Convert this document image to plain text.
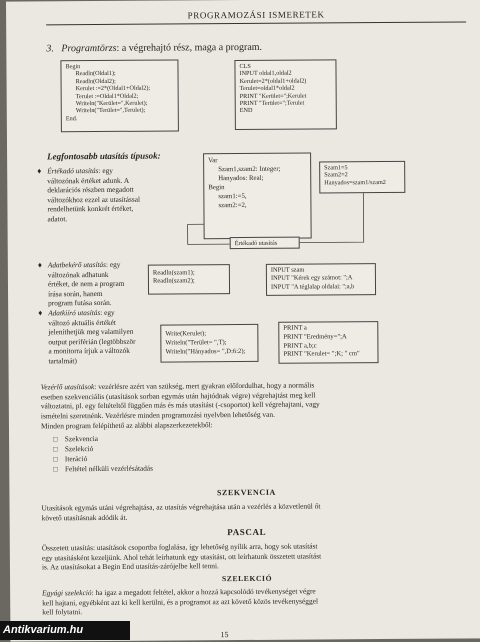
PROGRAMOZÁSI ISMERETEK
3. Programtörzs: a végrehajtó rész, maga a program.
Begin
Readln(Oldal1);
Readln(Oldal2);
Kerulet :=2*(Oldal1+Oldal2);
Terulet :=Oldal1*Oldal2;
Writeln("Kerület=",Kerulet);
Writeln("Terület=",Terulet);
End.
CLS
INPUT oldal1,oldal2
Kerulet=2*(oldal1+oldal2)
Terulet=oldal1*oldal2
PRINT "Kerület=";Kerulet
PRINT "Terület=";Terulet
END
Legfontosabb utasítás típusok:
♦ Értékadó utasítás: egy
változónak értéket adunk. A
deklarációs részben megadott
változókhoz ezzel az utasítással
rendelhetünk konkrét értéket,
adatot.
Var
Szam1,szam2: Integer;
Hanyados: Real;
Begin
szam1:=5,
szam2:=2,
Értékadó utasítás
Szam1=5
Szam2=2
Hanyados=szam1/szam2
♦ Adatbekérő utasítás: egy
változónak adhatunk
értéket, de nem a program
írása során, hanem
program futása során.
Readln(szam1);
Readln(szam2);
INPUT szam
INPUT "Kérek egy számot: ";A
INPUT "A téglalap oldalai: ";a,b
♦ Adatkiíró utasítás: egy
változó aktuális értékét
jeleníthetjük meg valamilyen
output periférián (legtöbbször
a monitorra írjuk a változók
tartalmát)
Write(Kerulet);
Writeln("Terület= ",T);
Writeln("Hányados= ",D:6:2);
PRINT a
PRINT "Eredmény=";A
PRINT a,b;c
PRINT "Kerulet= ";K; " cm"
Vezérlő utasítások: vezérlésre azért van szükség, mert gyakran előfordulhat, hogy a normális
esetben szekvenciális (utasítások sorban egymás után hajtódnak végre) végrehajtást meg kell
változtatni, pl. egy feltételtől függően más és más utasítást (-csoportot) kell végrehajtani, vagy
ismételni szeretnénk. Vezérlésre minden programozási nyelvben lehetőség van.
Minden program felépíthető az alábbi alapszerkezetekből:
□ Szekvencia
□ Szelekció
□ Iteráció
□ Feltétel nélküli vezérlésátadás
SZEKVENCIA
Utasítások egymás utáni végrehajtása, az utasítás végrehajtása után a vezérlés a közvetlenül őt
követő utasításnak adódik át.
PASCAL
Összetett utasítás: utasítások csoportba foglalása, így lehetőség nyílik arra, hogy sok utasítást
egy utasításként kezeljünk. Ahol tehát leírhatunk egy utasítást, ott leírhatunk összetett utasítást
is. Az utasításokat a Begin End utasítás-zárójelbe kell tenni.
SZELEKCIÓ
Egyági szelekció: ha igaz a megadott feltétel, akkor a hozzá kapcsolódó tevékenységet végre
kell hajtani, egyébként azt ki kell kerülni, és a programot az azt követő közös tevékenységgel
kell folytatni.
15
Antikvarium.hu
